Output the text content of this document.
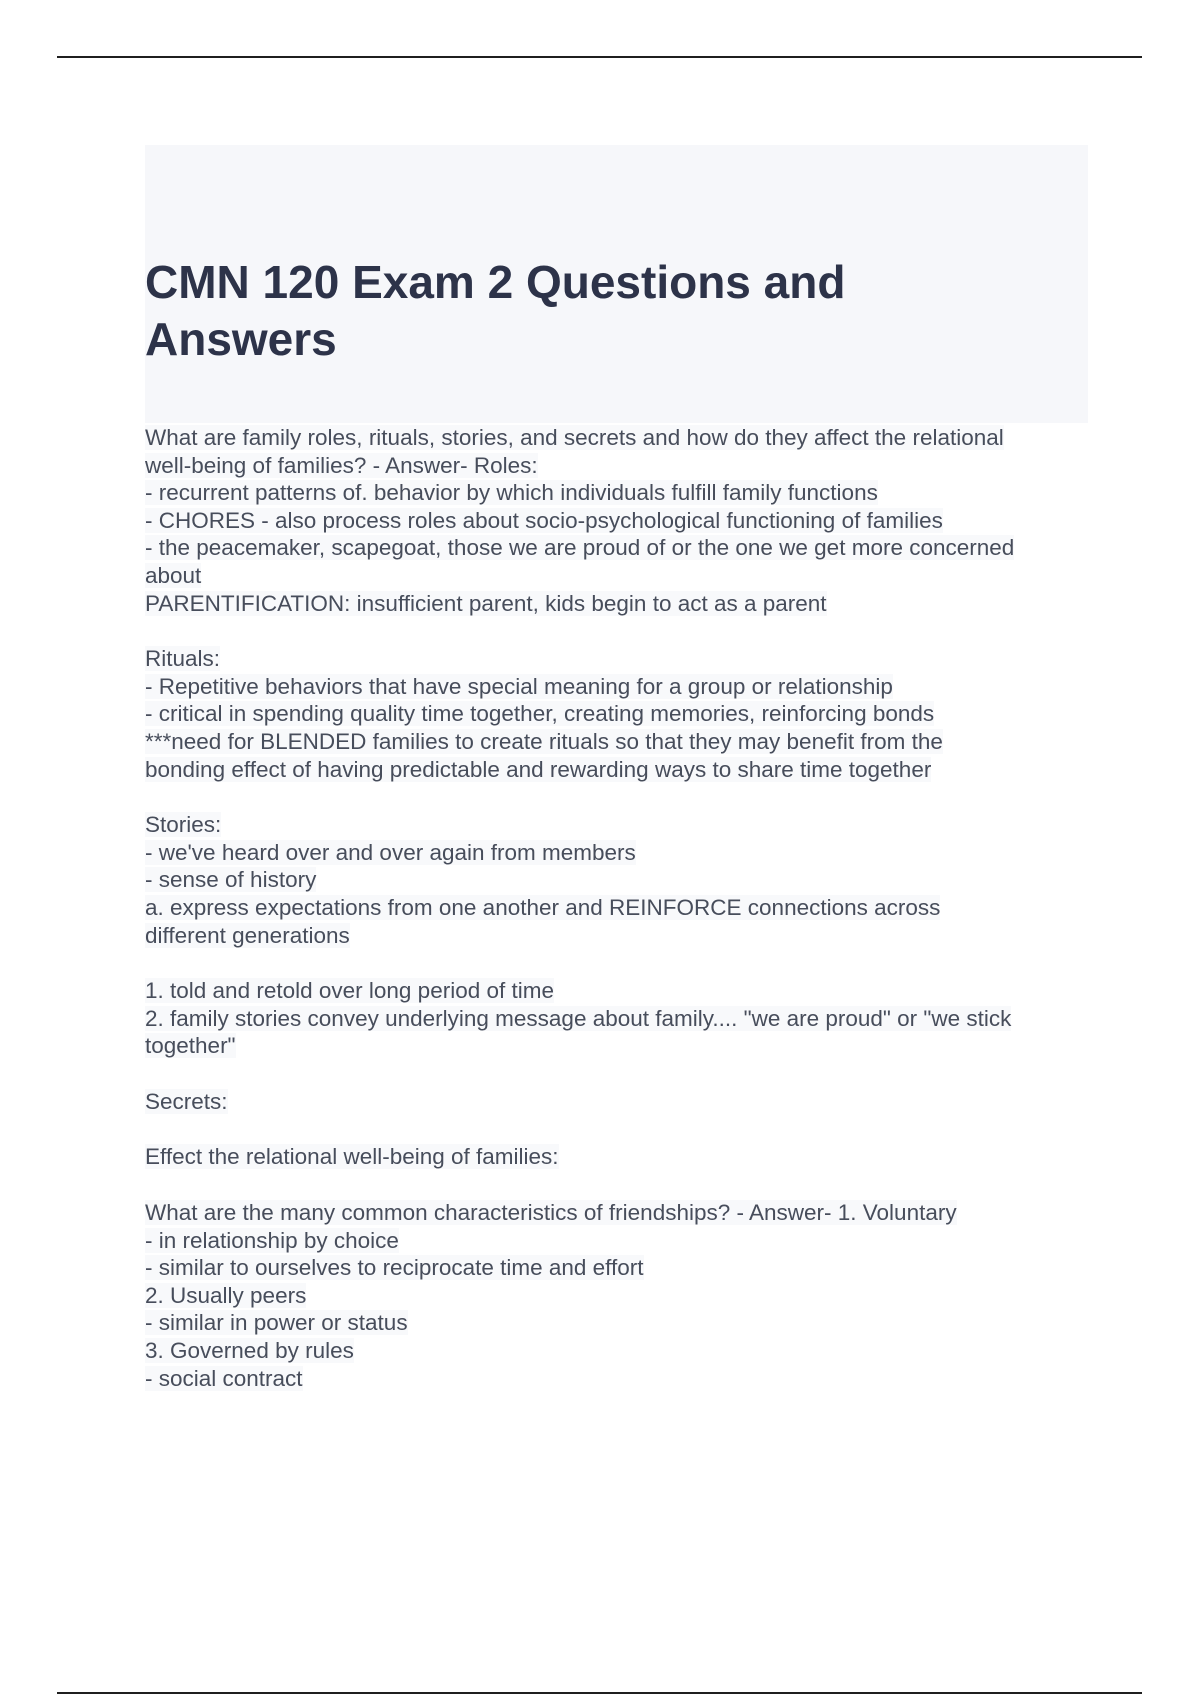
CMN 120 Exam 2 Questions and Answers
What are family roles, rituals, stories, and secrets and how do they affect the relational
well-being of families? - Answer- Roles:
- recurrent patterns of. behavior by which individuals fulfill family functions
- CHORES - also process roles about socio-psychological functioning of families
- the peacemaker, scapegoat, those we are proud of or the one we get more concerned
about
PARENTIFICATION: insufficient parent, kids begin to act as a parent
Rituals:
- Repetitive behaviors that have special meaning for a group or relationship
- critical in spending quality time together, creating memories, reinforcing bonds
***need for BLENDED families to create rituals so that they may benefit from the
bonding effect of having predictable and rewarding ways to share time together
Stories:
- we've heard over and over again from members
- sense of history
a. express expectations from one another and REINFORCE connections across
different generations
1. told and retold over long period of time
2. family stories convey underlying message about family.... "we are proud" or "we stick
together"
Secrets:
Effect the relational well-being of families:
What are the many common characteristics of friendships? - Answer- 1. Voluntary
- in relationship by choice
- similar to ourselves to reciprocate time and effort
2. Usually peers
- similar in power or status
3. Governed by rules
- social contract
